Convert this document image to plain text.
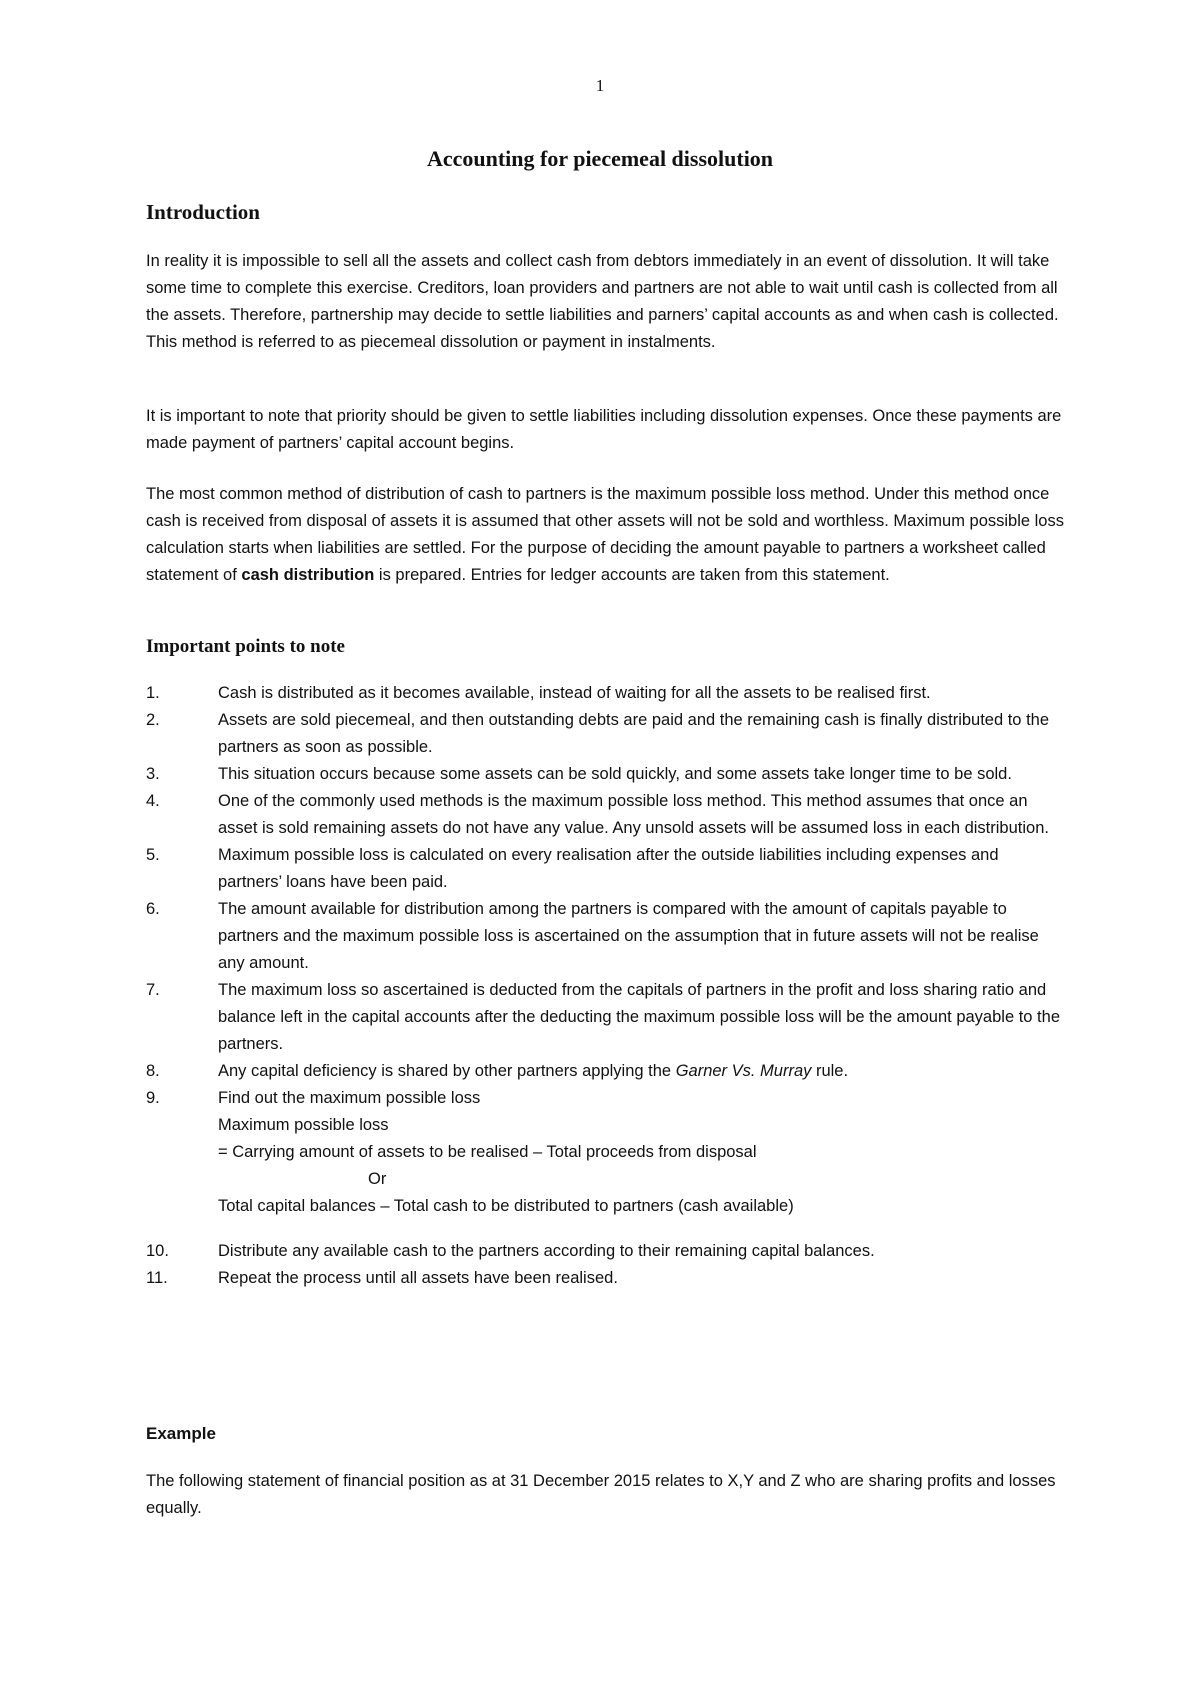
1
Accounting for piecemeal dissolution
Introduction

In reality it is impossible to sell all the assets and collect cash from debtors immediately in an event of dissolution. It will take some time to complete this exercise. Creditors, loan providers and partners are not able to wait until cash is collected from all the assets. Therefore, partnership may decide to settle liabilities and parners’ capital accounts as and when cash is collected. This method is referred to as piecemeal dissolution or payment in instalments.

It is important to note that priority should be given to settle liabilities including dissolution expenses. Once these payments are made payment of partners’ capital account begins.

The most common method of distribution of cash to partners is the maximum possible loss method. Under this method once cash is received from disposal of assets it is assumed that other assets will not be sold and worthless. Maximum possible loss calculation starts when liabilities are settled. For the purpose of deciding the amount payable to partners a worksheet called statement of cash distribution is prepared. Entries for ledger accounts are taken from this statement.

Important points to note
1.	Cash is distributed as it becomes available, instead of waiting for all the assets to be realised first.
2.	Assets are sold piecemeal, and then outstanding debts are paid and the remaining cash is finally distributed to the partners as soon as possible.
3.	This situation occurs because some assets can be sold quickly, and some assets take longer time to be sold.
4.	One of the commonly used methods is the maximum possible loss method. This method assumes that once an asset is sold remaining assets do not have any value. Any unsold assets will be assumed loss in each distribution.
5.	Maximum possible loss is calculated on every realisation after the outside liabilities including expenses and partners’ loans have been paid.
6.	The amount available for distribution among the partners is compared with the amount of capitals payable to partners and the maximum possible loss is ascertained on the assumption that in future assets will not be realise any amount.
7.	The maximum loss so ascertained is deducted from the capitals of partners in the profit and loss sharing ratio and balance left in the capital accounts after the deducting the maximum possible loss will be the amount payable to the partners.
8.	Any capital deficiency is shared by other partners applying the Garner Vs. Murray rule.
9.	Find out the maximum possible loss
Maximum possible loss
= Carrying amount of assets to be realised – Total proceeds from disposal
Or
Total capital balances – Total cash to be distributed to partners (cash available)
10.	Distribute any available cash to the partners according to their remaining capital balances.
11.	Repeat the process until all assets have been realised.
Example

The following statement of financial position as at 31 December 2015 relates to X,Y and Z who are sharing profits and losses equally.
